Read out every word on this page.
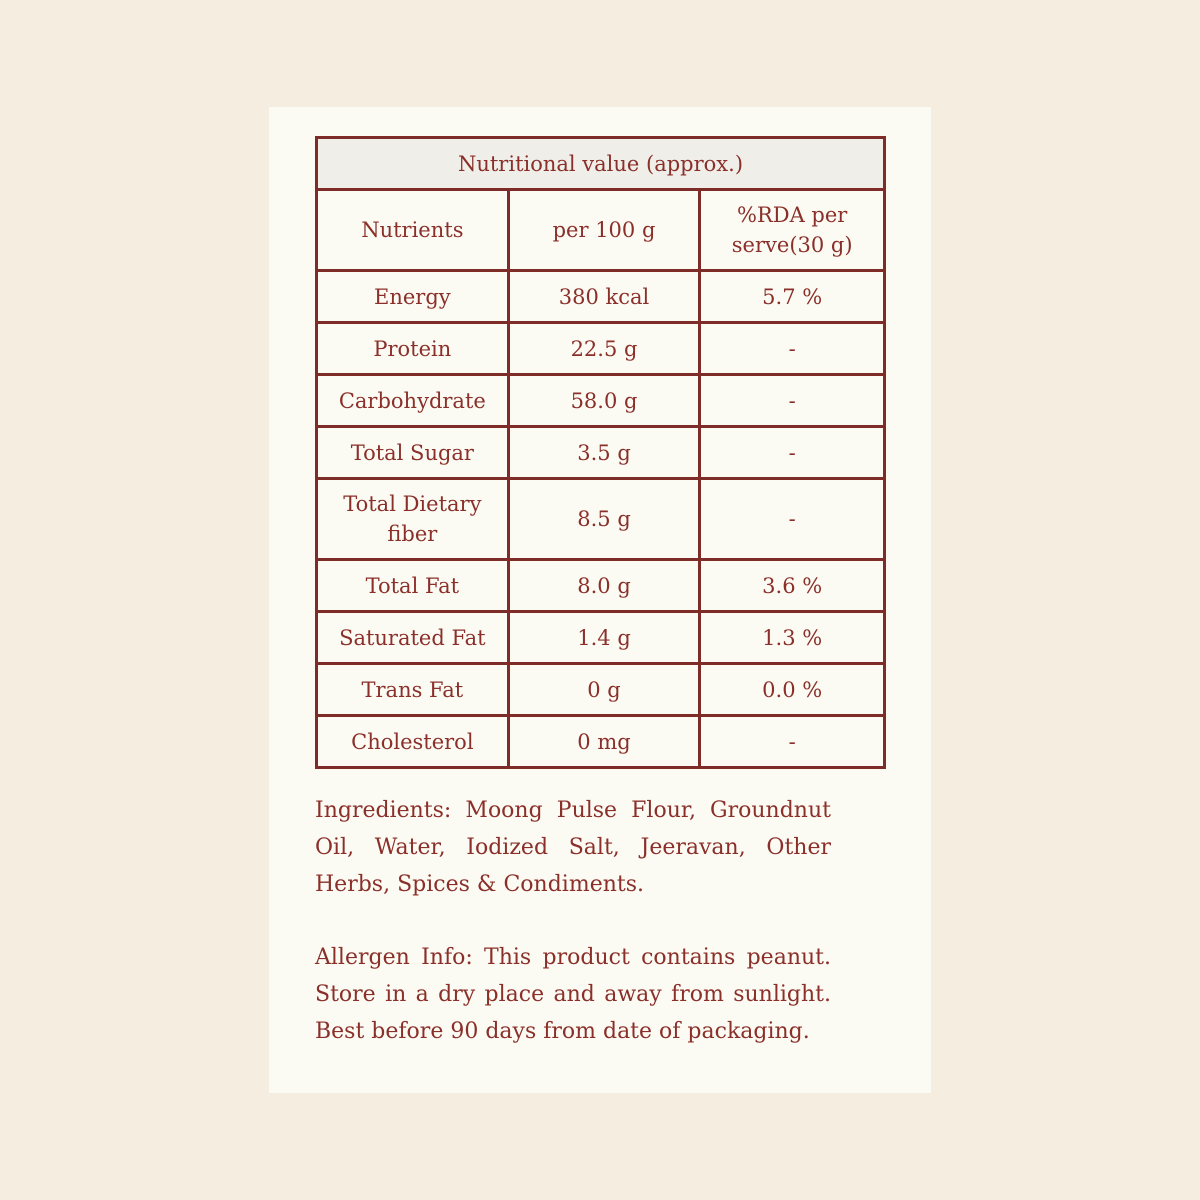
Nutritional value (approx.)		
Nutrients	per 100 g	%RDA per serve(30 g)
Energy	380 kcal	5.7 %
Protein	22.5 g	-
Carbohydrate	58.0 g	-
Total Sugar	3.5 g	-
Total Dietary fiber	8.5 g	-
Total Fat	8.0 g	3.6 %
Saturated Fat	1.4 g	1.3 %
Trans Fat	0 g	0.0 %
Cholesterol	0 mg	-

Ingredients: Moong Pulse Flour, Groundnut Oil, Water, Iodized Salt, Jeeravan, Other Herbs, Spices & Condiments.

Allergen Info: This product contains peanut. Store in a dry place and away from sunlight. Best before 90 days from date of packaging.
